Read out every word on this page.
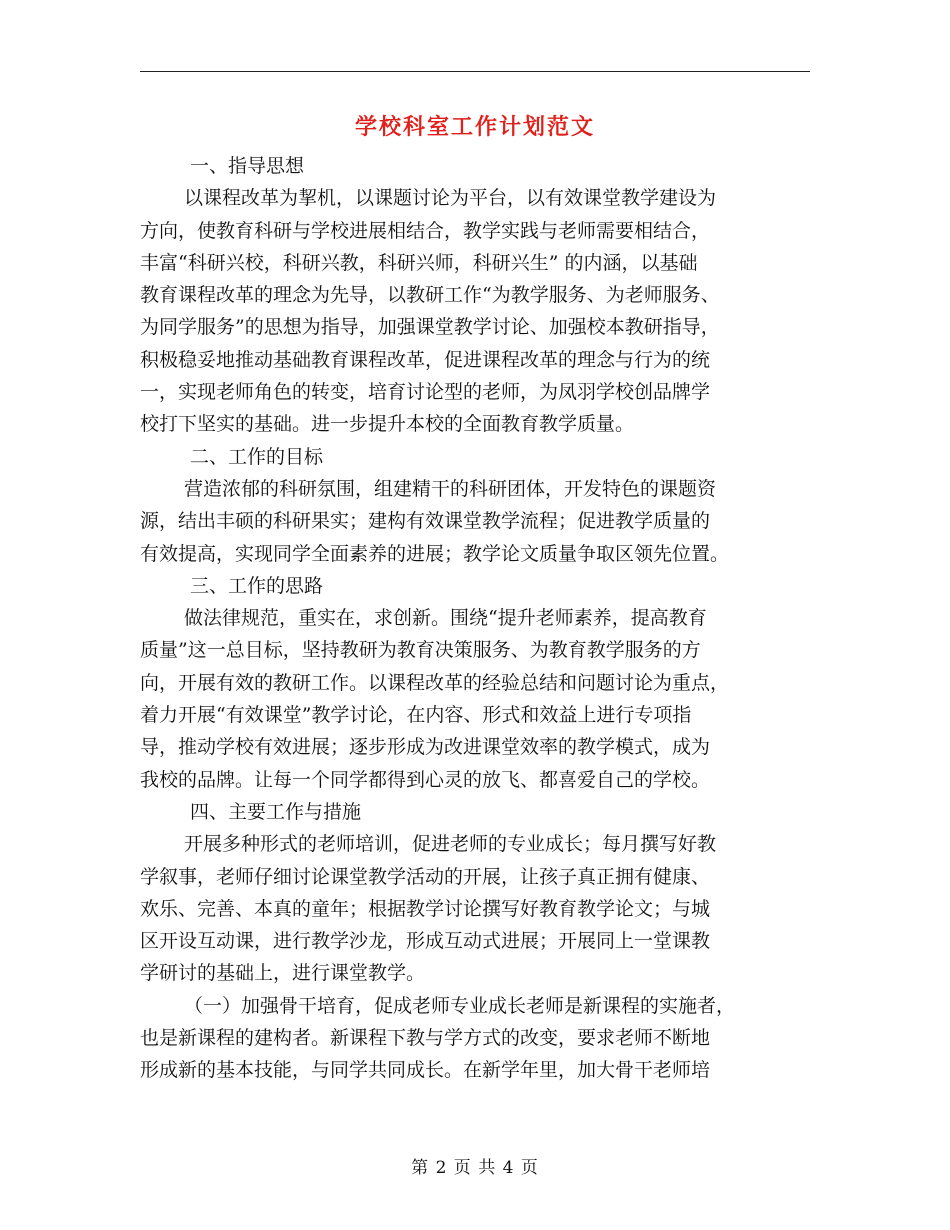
学校科室工作计划范文
一、指导思想
以课程改革为挈机，以课题讨论为平台，以有效课堂教学建设为
方向，使教育科研与学校进展相结合，教学实践与老师需要相结合，
丰富“科研兴校，科研兴教，科研兴师，科研兴生” 的内涵，以基础
教育课程改革的理念为先导，以教研工作“为教学服务、为老师服务、
为同学服务”的思想为指导，加强课堂教学讨论、加强校本教研指导，
积极稳妥地推动基础教育课程改革，促进课程改革的理念与行为的统
一，实现老师角色的转变，培育讨论型的老师，为凤羽学校创品牌学
校打下坚实的基础。进一步提升本校的全面教育教学质量。
二、工作的目标
营造浓郁的科研氛围，组建精干的科研团体，开发特色的课题资
源，结出丰硕的科研果实；建构有效课堂教学流程；促进教学质量的
有效提高，实现同学全面素养的进展；教学论文质量争取区领先位置。
三、工作的思路
做法律规范，重实在，求创新。围绕“提升老师素养，提高教育
质量”这一总目标，坚持教研为教育决策服务、为教育教学服务的方
向，开展有效的教研工作。以课程改革的经验总结和问题讨论为重点，
着力开展“有效课堂”教学讨论，在内容、形式和效益上进行专项指
导，推动学校有效进展；逐步形成为改进课堂效率的教学模式，成为
我校的品牌。让每一个同学都得到心灵的放飞、都喜爱自己的学校。
四、主要工作与措施
开展多种形式的老师培训，促进老师的专业成长；每月撰写好教
学叙事，老师仔细讨论课堂教学活动的开展，让孩子真正拥有健康、
欢乐、完善、本真的童年；根据教学讨论撰写好教育教学论文；与城
区开设互动课，进行教学沙龙，形成互动式进展；开展同上一堂课教
学研讨的基础上，进行课堂教学。
（一）加强骨干培育，促成老师专业成长老师是新课程的实施者，
也是新课程的建构者。新课程下教与学方式的改变，要求老师不断地
形成新的基本技能，与同学共同成长。在新学年里，加大骨干老师培
第 2 页 共 4 页
